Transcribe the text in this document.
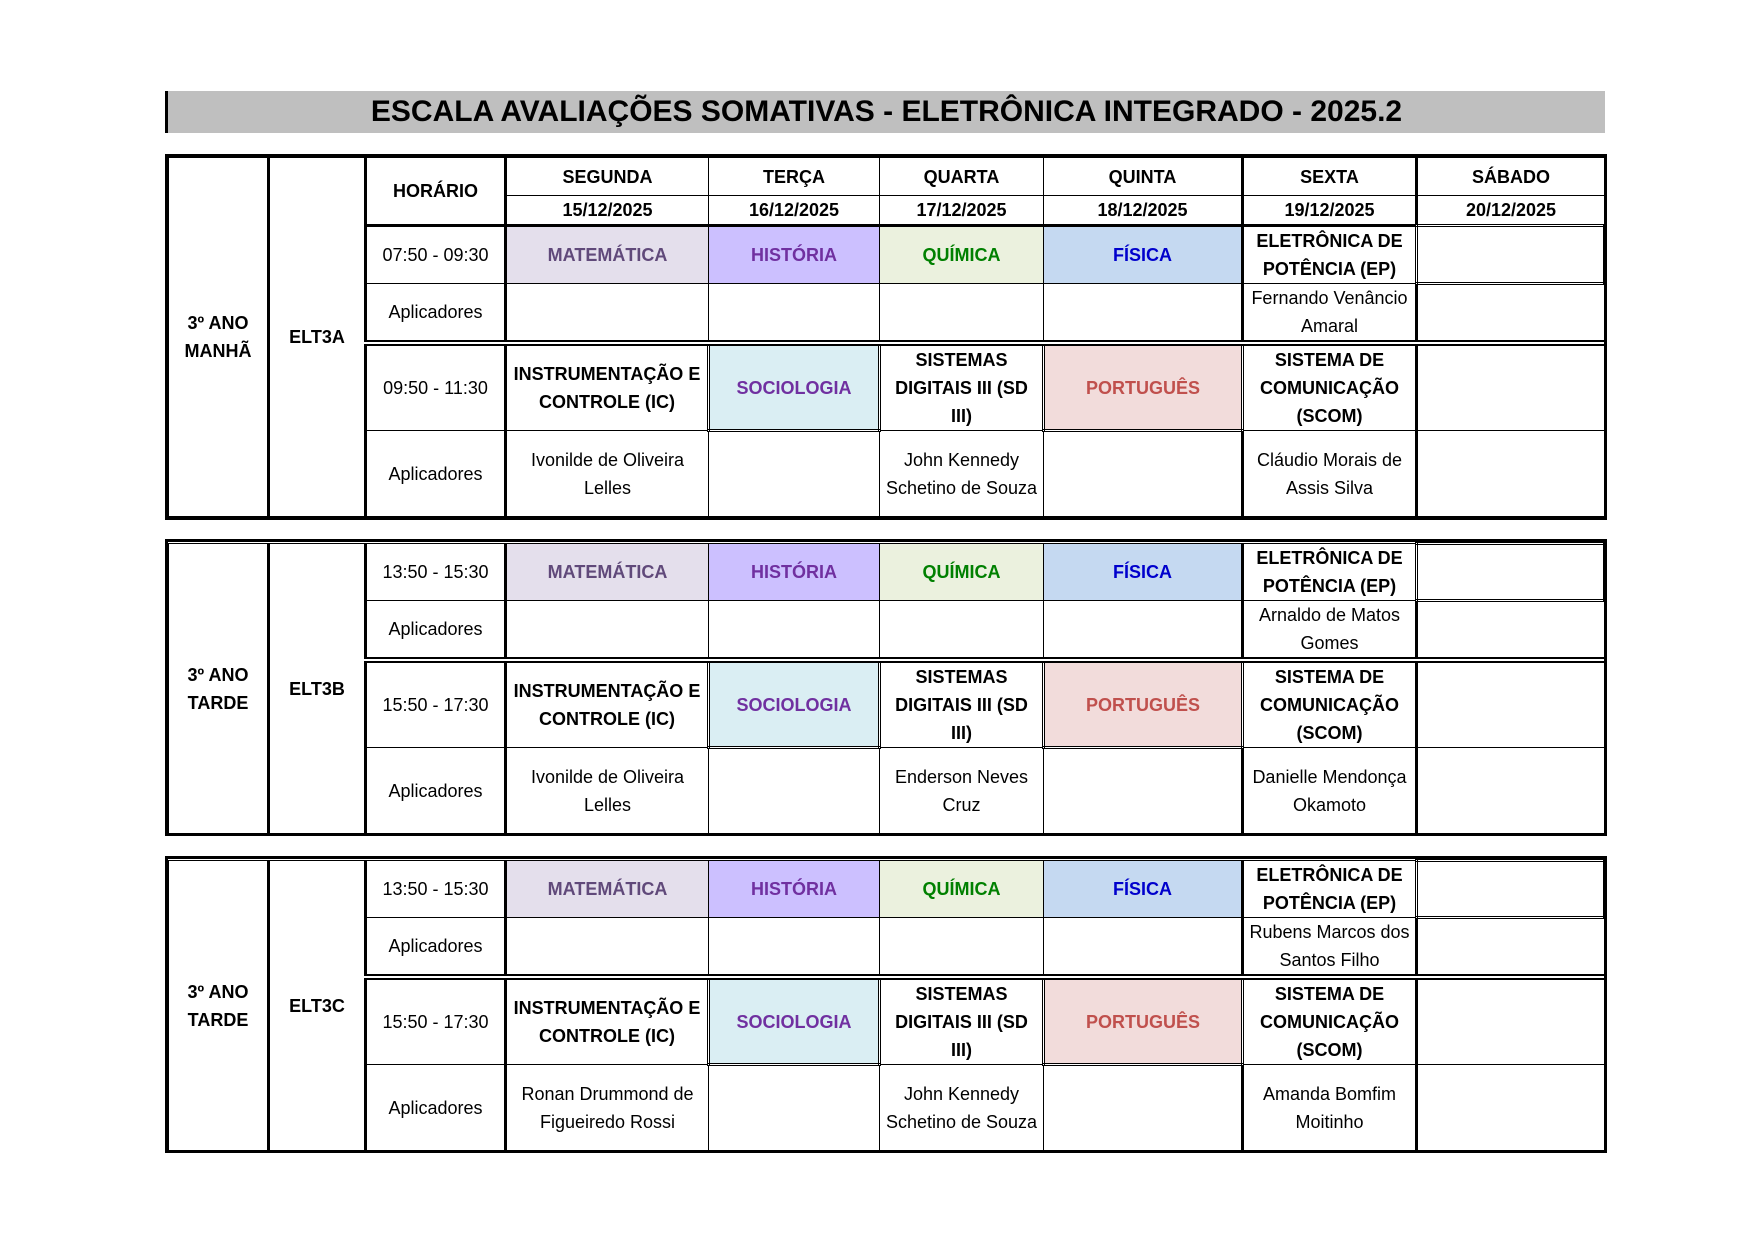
ESCALA AVALIAÇÕES SOMATIVAS - ELETRÔNICA INTEGRADO - 2025.2
3º ANO MANHÃ	ELT3A	HORÁRIO	SEGUNDA	TERÇA	QUARTA	QUINTA	SEXTA	SÁBADO
			15/12/2025	16/12/2025	17/12/2025	18/12/2025	19/12/2025	20/12/2025
		07:50 - 09:30	MATEMÁTICA	HISTÓRIA	QUÍMICA	FÍSICA	ELETRÔNICA DE POTÊNCIA (EP)	
		Aplicadores					Fernando Venâncio Amaral	
		09:50 - 11:30	INSTRUMENTAÇÃO E CONTROLE (IC)	SOCIOLOGIA	SISTEMAS DIGITAIS III (SD III)	PORTUGUÊS	SISTEMA DE COMUNICAÇÃO (SCOM)	
		Aplicadores	Ivonilde de Oliveira Lelles		John Kennedy Schetino de Souza		Cláudio Morais de Assis Silva	
3º ANO TARDE	ELT3B	13:50 - 15:30	MATEMÁTICA	HISTÓRIA	QUÍMICA	FÍSICA	ELETRÔNICA DE POTÊNCIA (EP)	
		Aplicadores					Arnaldo de Matos Gomes	
		15:50 - 17:30	INSTRUMENTAÇÃO E CONTROLE (IC)	SOCIOLOGIA	SISTEMAS DIGITAIS III (SD III)	PORTUGUÊS	SISTEMA DE COMUNICAÇÃO (SCOM)	
		Aplicadores	Ivonilde de Oliveira Lelles		Enderson Neves Cruz		Danielle Mendonça Okamoto	
3º ANO TARDE	ELT3C	13:50 - 15:30	MATEMÁTICA	HISTÓRIA	QUÍMICA	FÍSICA	ELETRÔNICA DE POTÊNCIA (EP)	
		Aplicadores					Rubens Marcos dos Santos Filho	
		15:50 - 17:30	INSTRUMENTAÇÃO E CONTROLE (IC)	SOCIOLOGIA	SISTEMAS DIGITAIS III (SD III)	PORTUGUÊS	SISTEMA DE COMUNICAÇÃO (SCOM)	
		Aplicadores	Ronan Drummond de Figueiredo Rossi		John Kennedy Schetino de Souza		Amanda Bomfim Moitinho	
